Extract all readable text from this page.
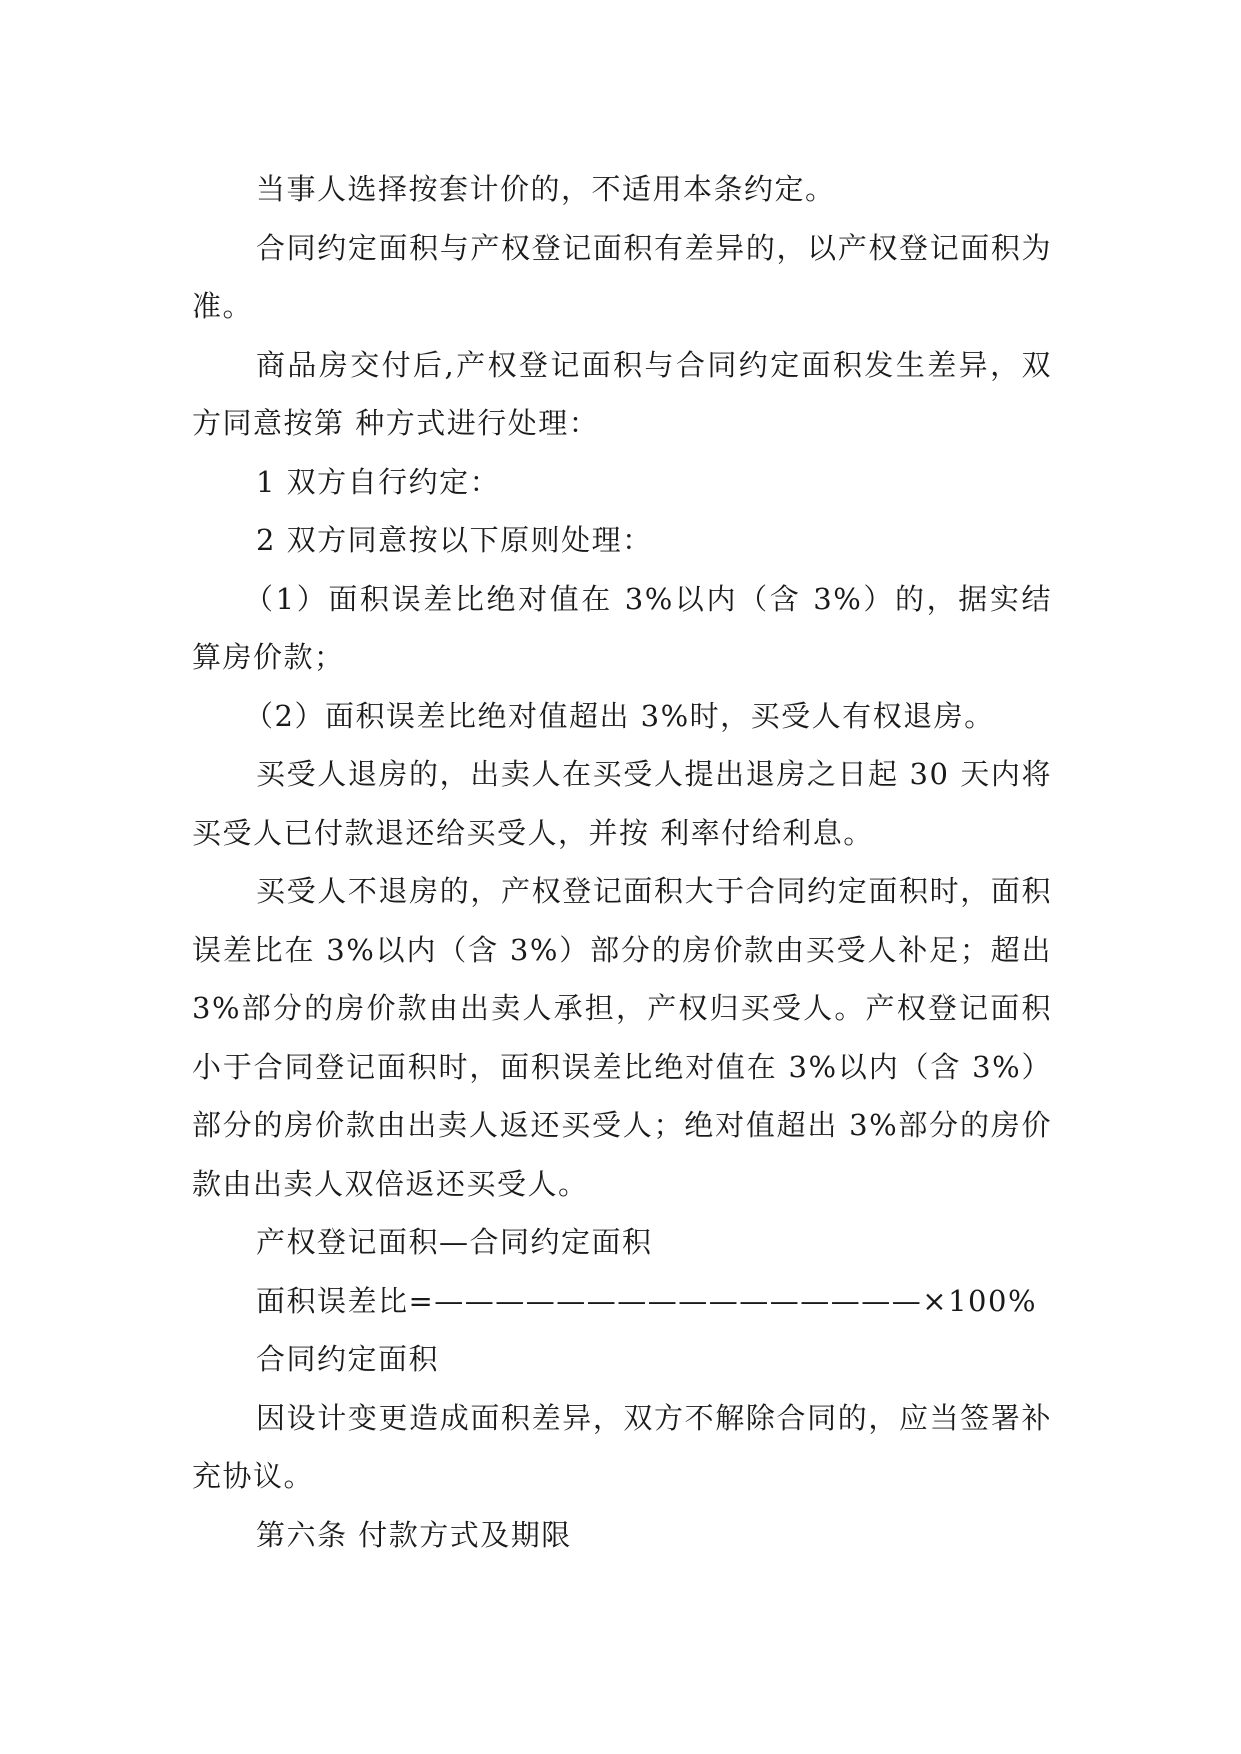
当事人选择按套计价的，不适用本条约定。

合同约定面积与产权登记面积有差异的，以产权登记面积为准。

商品房交付后,产权登记面积与合同约定面积发生差异，双方同意按第 种方式进行处理：

1 双方自行约定：

2 双方同意按以下原则处理：

（1）面积误差比绝对值在 3%以内（含 3%）的，据实结算房价款；

（2）面积误差比绝对值超出 3%时，买受人有权退房。

买受人退房的，出卖人在买受人提出退房之日起 30 天内将买受人已付款退还给买受人，并按 利率付给利息。

买受人不退房的，产权登记面积大于合同约定面积时，面积误差比在 3%以内（含 3%）部分的房价款由买受人补足；超出 3%部分的房价款由出卖人承担，产权归买受人。产权登记面积小于合同登记面积时，面积误差比绝对值在 3%以内（含 3%）部分的房价款由出卖人返还买受人；绝对值超出 3%部分的房价款由出卖人双倍返还买受人。

产权登记面积—合同约定面积

面积误差比=————————————————×100%

合同约定面积

因设计变更造成面积差异，双方不解除合同的，应当签署补充协议。

第六条 付款方式及期限
